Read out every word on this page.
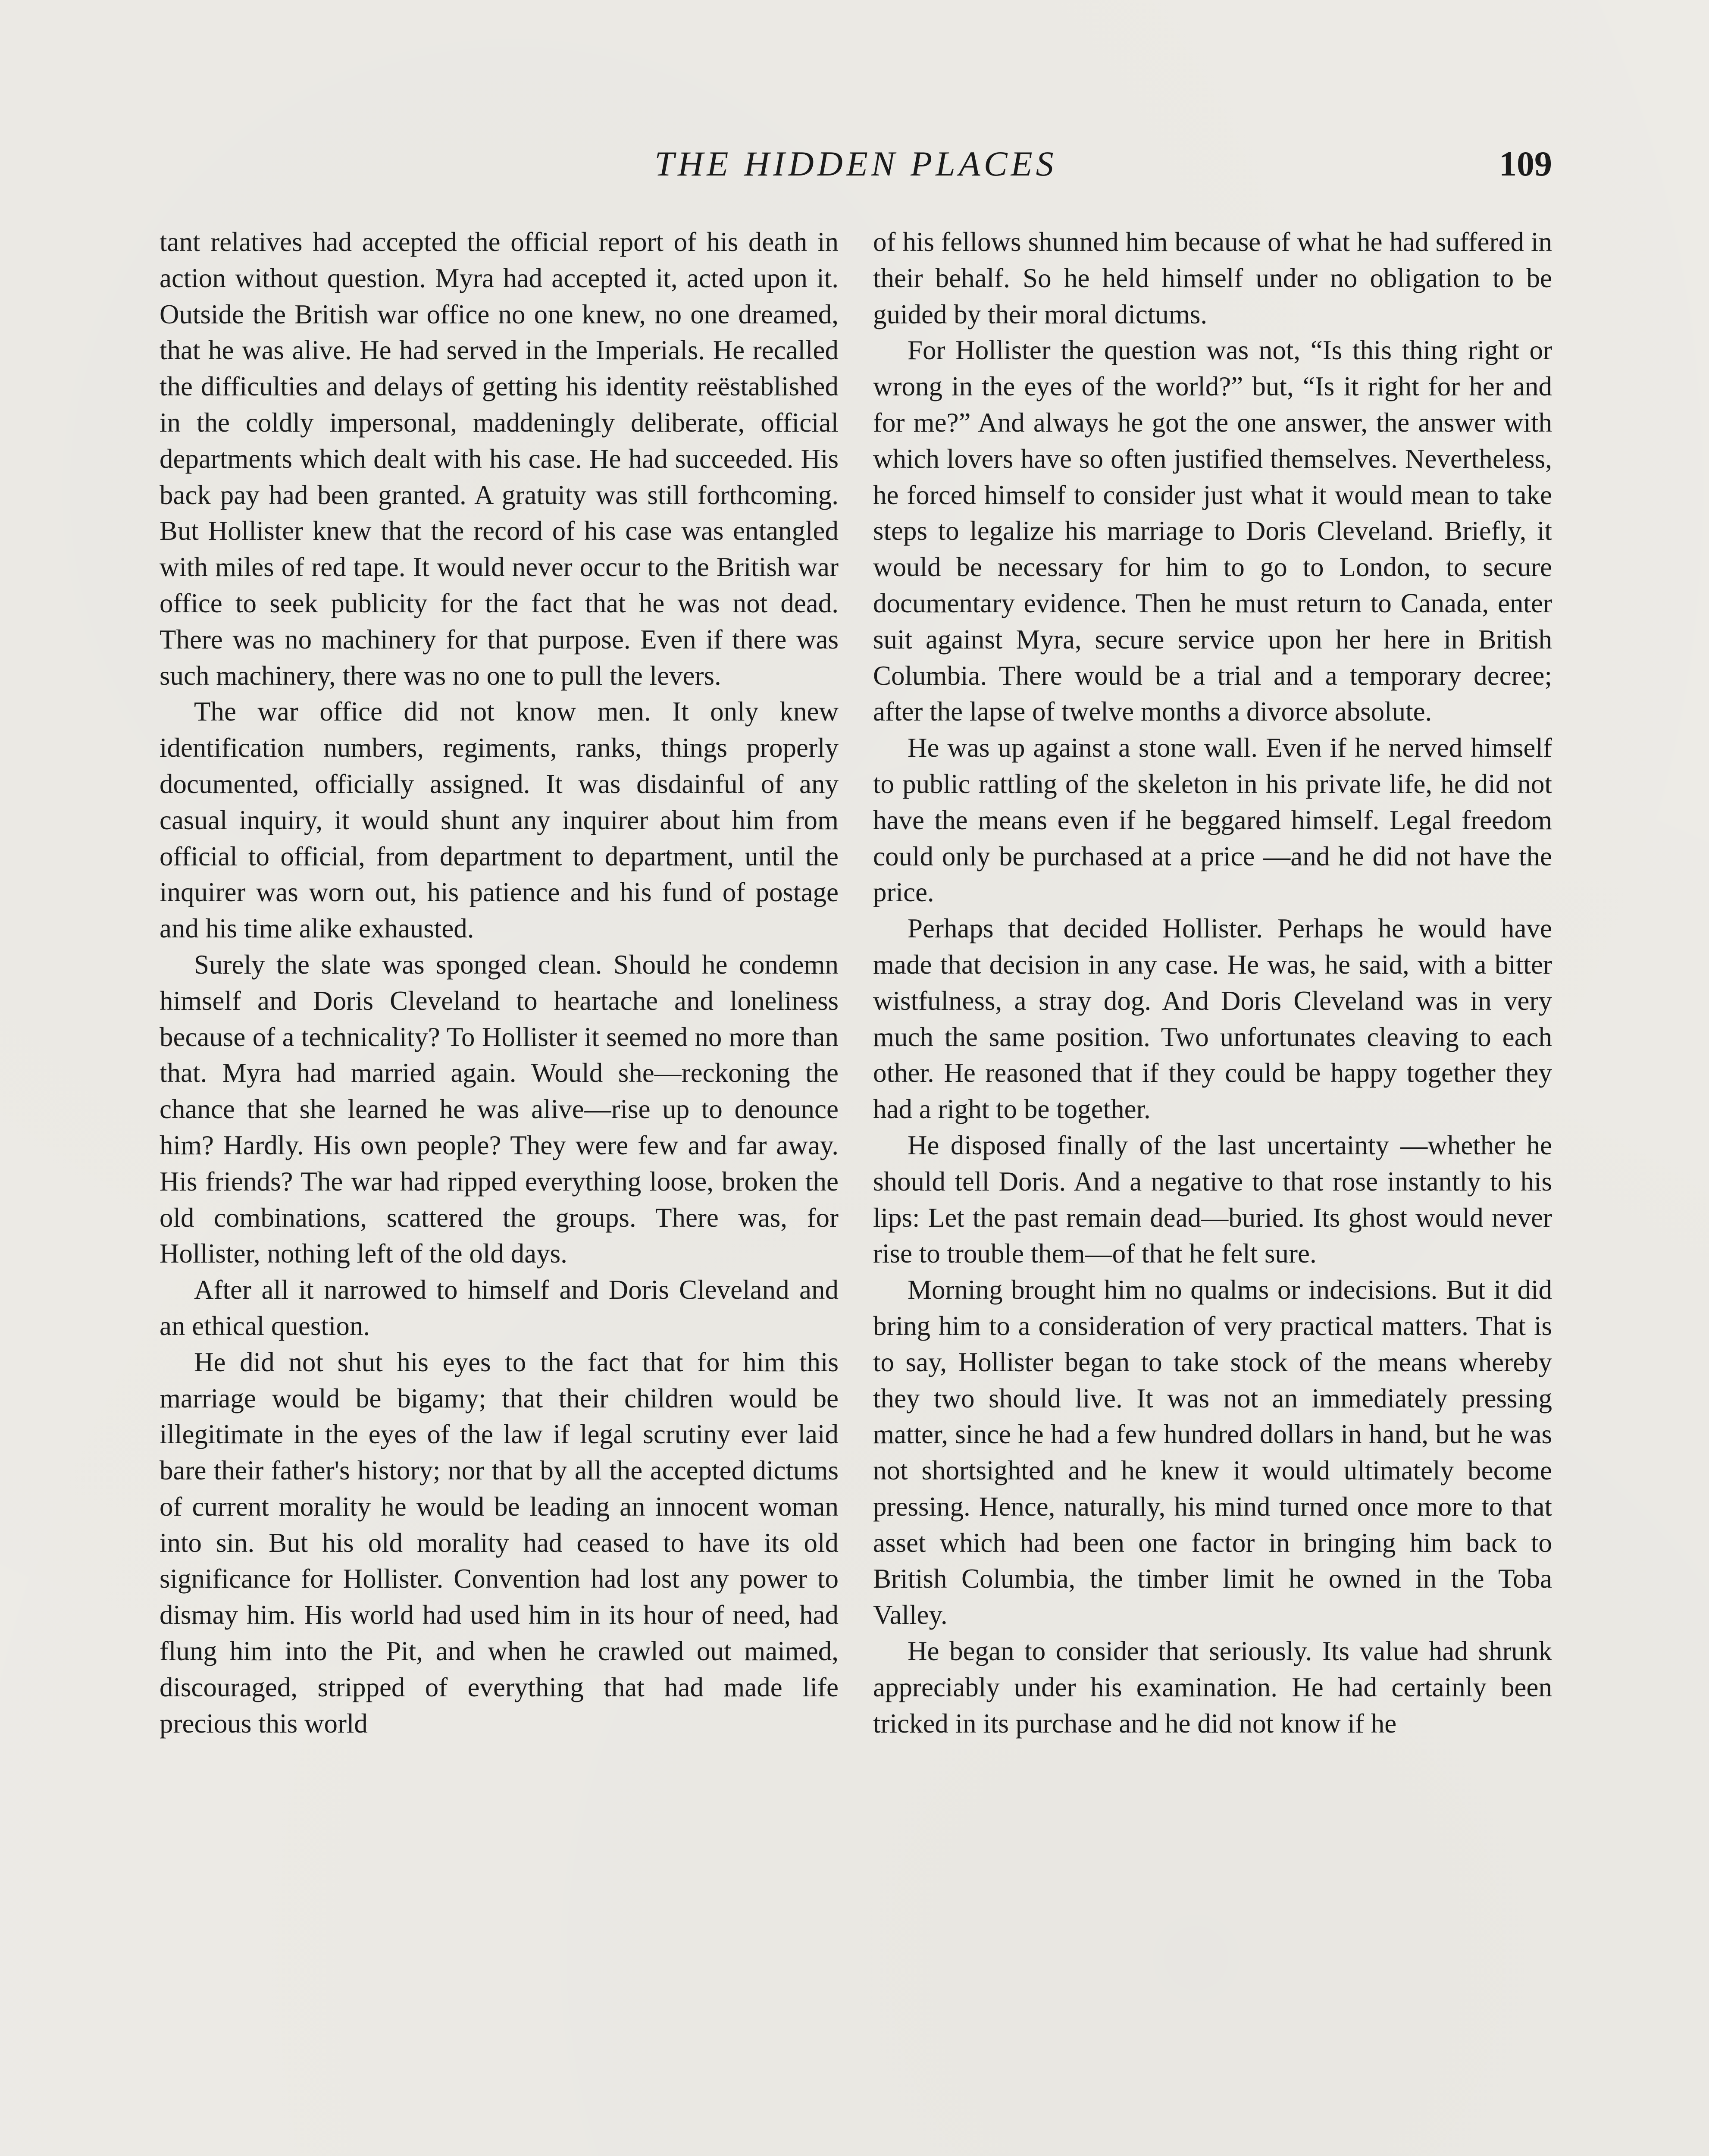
THE HIDDEN PLACES	109

tant relatives had accepted the official report of his death in action without question. Myra had accepted it, acted upon it. Outside the British war office no one knew, no one dreamed, that he was alive. He had served in the Imperials. He recalled the difficulties and delays of getting his identity reëstablished in the coldly impersonal, maddeningly deliberate, official departments which dealt with his case. He had succeeded. His back pay had been granted. A gratuity was still forthcoming. But Hollister knew that the record of his case was entangled with miles of red tape. It would never occur to the British war office to seek publicity for the fact that he was not dead. There was no machinery for that purpose. Even if there was such machinery, there was no one to pull the levers.

The war office did not know men. It only knew identification numbers, regiments, ranks, things properly documented, officially assigned. It was disdainful of any casual inquiry, it would shunt any inquirer about him from official to official, from department to department, until the inquirer was worn out, his patience and his fund of postage and his time alike exhausted.

Surely the slate was sponged clean. Should he condemn himself and Doris Cleveland to heartache and loneliness because of a technicality? To Hollister it seemed no more than that. Myra had married again. Would she—reckoning the chance that she learned he was alive—rise up to denounce him? Hardly. His own people? They were few and far away. His friends? The war had ripped everything loose, broken the old combinations, scattered the groups. There was, for Hollister, nothing left of the old days.

After all it narrowed to himself and Doris Cleveland and an ethical question.

He did not shut his eyes to the fact that for him this marriage would be bigamy; that their children would be illegitimate in the eyes of the law if legal scrutiny ever laid bare their father's history; nor that by all the accepted dictums of current morality he would be leading an innocent woman into sin. But his old morality had ceased to have its old significance for Hollister. Convention had lost any power to dismay him. His world had used him in its hour of need, had flung him into the Pit, and when he crawled out maimed, discouraged, stripped of everything that had made life precious this world

of his fellows shunned him because of what he had suffered in their behalf. So he held himself under no obligation to be guided by their moral dictums.

For Hollister the question was not, “Is this thing right or wrong in the eyes of the world?” but, “Is it right for her and for me?” And always he got the one answer, the answer with which lovers have so often justified themselves. Nevertheless, he forced himself to consider just what it would mean to take steps to legalize his marriage to Doris Cleveland. Briefly, it would be necessary for him to go to London, to secure documentary evidence. Then he must return to Canada, enter suit against Myra, secure service upon her here in British Columbia. There would be a trial and a temporary decree; after the lapse of twelve months a divorce absolute.

He was up against a stone wall. Even if he nerved himself to public rattling of the skeleton in his private life, he did not have the means even if he beggared himself. Legal freedom could only be purchased at a price —and he did not have the price.

Perhaps that decided Hollister. Perhaps he would have made that decision in any case. He was, he said, with a bitter wistfulness, a stray dog. And Doris Cleveland was in very much the same position. Two unfortunates cleaving to each other. He reasoned that if they could be happy together they had a right to be together.

He disposed finally of the last uncertainty —whether he should tell Doris. And a negative to that rose instantly to his lips: Let the past remain dead—buried. Its ghost would never rise to trouble them—of that he felt sure.

Morning brought him no qualms or indecisions. But it did bring him to a consideration of very practical matters. That is to say, Hollister began to take stock of the means whereby they two should live. It was not an immediately pressing matter, since he had a few hundred dollars in hand, but he was not shortsighted and he knew it would ultimately become pressing. Hence, naturally, his mind turned once more to that asset which had been one factor in bringing him back to British Columbia, the timber limit he owned in the Toba Valley.

He began to consider that seriously. Its value had shrunk appreciably under his examination. He had certainly been tricked in its purchase and he did not know if he
